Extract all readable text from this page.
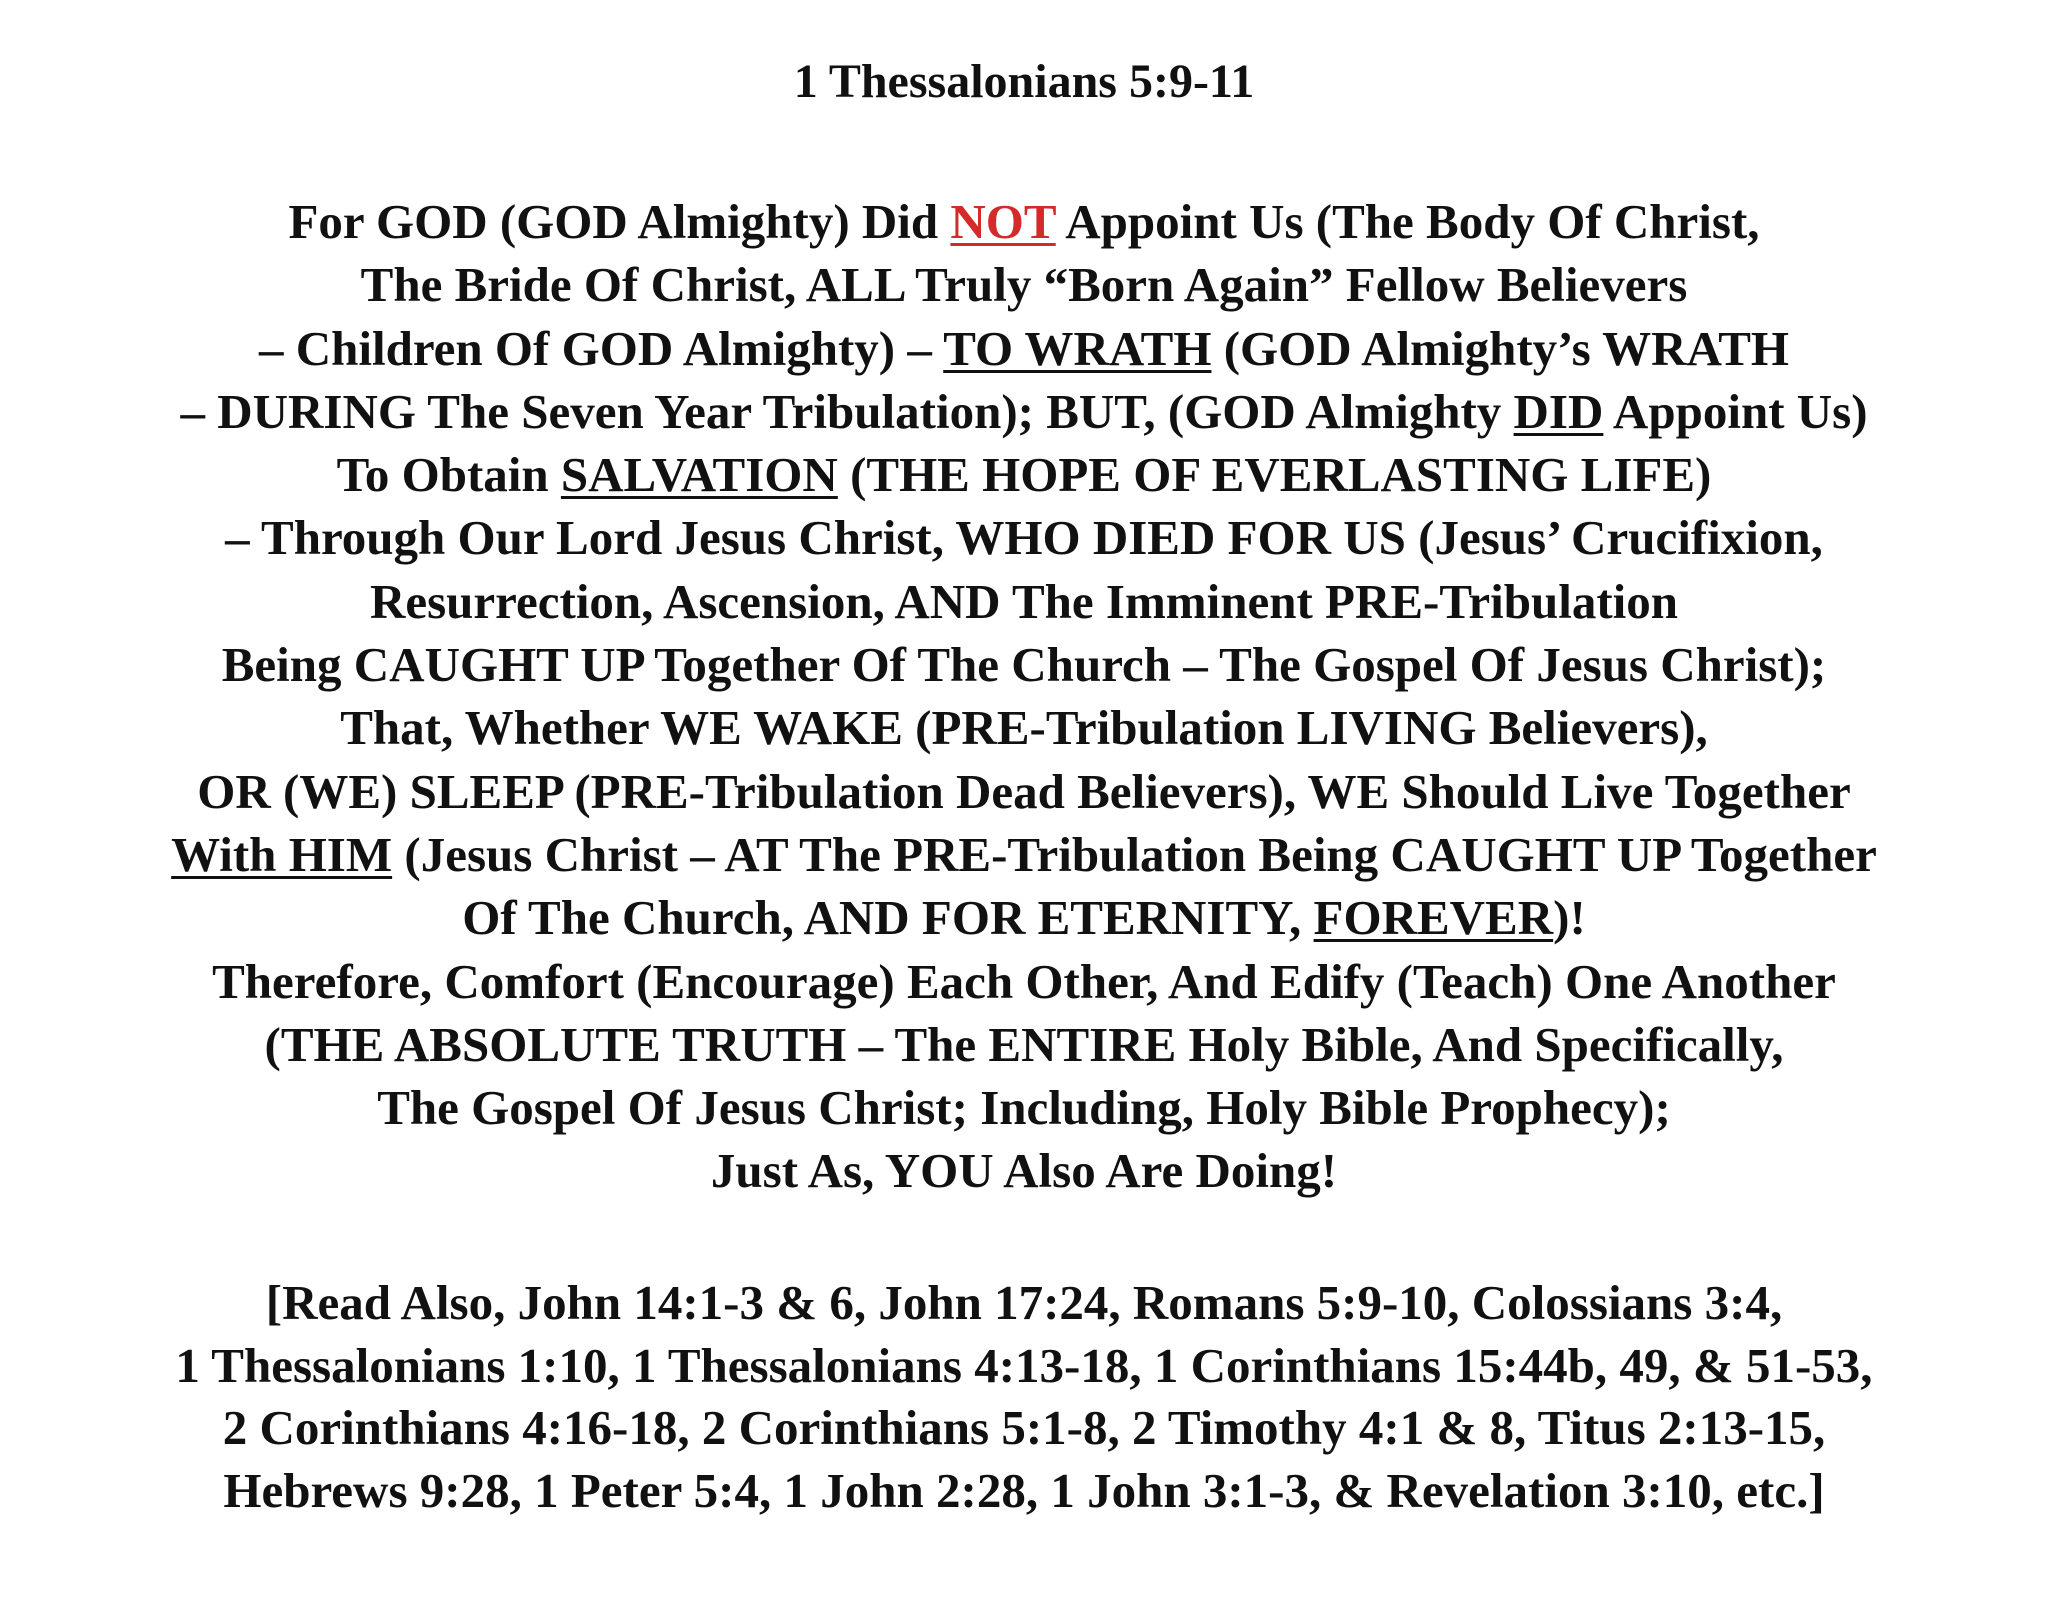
1 Thessalonians 5:9-11
For GOD (GOD Almighty) Did NOT Appoint Us (The Body Of Christ,
The Bride Of Christ, ALL Truly “Born Again” Fellow Believers
– Children Of GOD Almighty) – TO WRATH (GOD Almighty’s WRATH
– DURING The Seven Year Tribulation); BUT, (GOD Almighty DID Appoint Us)
To Obtain SALVATION (THE HOPE OF EVERLASTING LIFE)
– Through Our Lord Jesus Christ, WHO DIED FOR US (Jesus’ Crucifixion,
Resurrection, Ascension, AND The Imminent PRE-Tribulation
Being CAUGHT UP Together Of The Church – The Gospel Of Jesus Christ);
That, Whether WE WAKE (PRE-Tribulation LIVING Believers),
OR (WE) SLEEP (PRE-Tribulation Dead Believers), WE Should Live Together
With HIM (Jesus Christ – AT The PRE-Tribulation Being CAUGHT UP Together
Of The Church, AND FOR ETERNITY, FOREVER)!
Therefore, Comfort (Encourage) Each Other, And Edify (Teach) One Another
(THE ABSOLUTE TRUTH – The ENTIRE Holy Bible, And Specifically,
The Gospel Of Jesus Christ; Including, Holy Bible Prophecy);
Just As, YOU Also Are Doing!
[Read Also, John 14:1-3 & 6, John 17:24, Romans 5:9-10, Colossians 3:4,
1 Thessalonians 1:10, 1 Thessalonians 4:13-18, 1 Corinthians 15:44b, 49, & 51-53,
2 Corinthians 4:16-18, 2 Corinthians 5:1-8, 2 Timothy 4:1 & 8, Titus 2:13-15,
Hebrews 9:28, 1 Peter 5:4, 1 John 2:28, 1 John 3:1-3, & Revelation 3:10, etc.]
